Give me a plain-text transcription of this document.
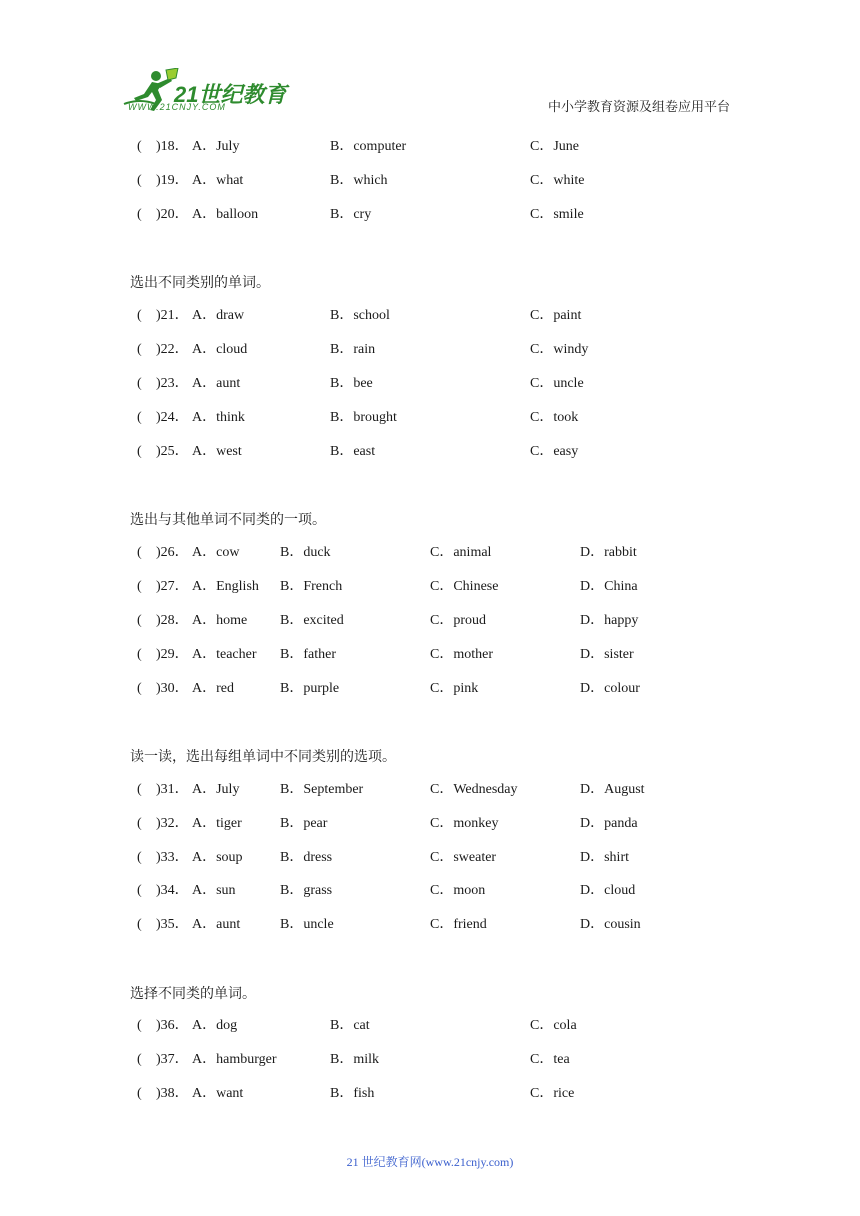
21世纪教育
WWW.21CNJY.COM	中小学教育资源及组卷应用平台
( )18． A．July	B．computer	C．June
( )19． A．what	B．which	C．white
( )20． A．balloon	B．cry	C．smile
选出不同类别的单词。
( )21． A．draw	B．school	C．paint
( )22． A．cloud	B．rain	C．windy
( )23． A．aunt	B．bee	C．uncle
( )24． A．think	B．brought	C．took
( )25． A．west	B．east	C．easy
选出与其他单词不同类的一项。
( )26． A．cow	B．duck	C．animal	D．rabbit
( )27． A．English B．French	C．Chinese	D．China
( )28． A．home B．excited	C．proud	D．happy
( )29． A．teacher B．father	C．mother	D．sister
( )30． A．red	B．purple	C．pink	D．colour
读一读，选出每组单词中不同类别的选项。
( )31． A．July	B．September	C．Wednesday	D．August
( )32． A．tiger	B．pear	C．monkey	D．panda
( )33． A．soup	B．dress	C．sweater	D．shirt
( )34． A．sun	B．grass	C．moon	D．cloud
( )35． A．aunt	B．uncle	C．friend	D．cousin
选择不同类的单词。
( )36． A．dog	B．cat	C．cola
( )37． A．hamburger	B．milk	C．tea
( )38． A．want	B．fish	C．rice
21 世纪教育网(www.21cnjy.com)
